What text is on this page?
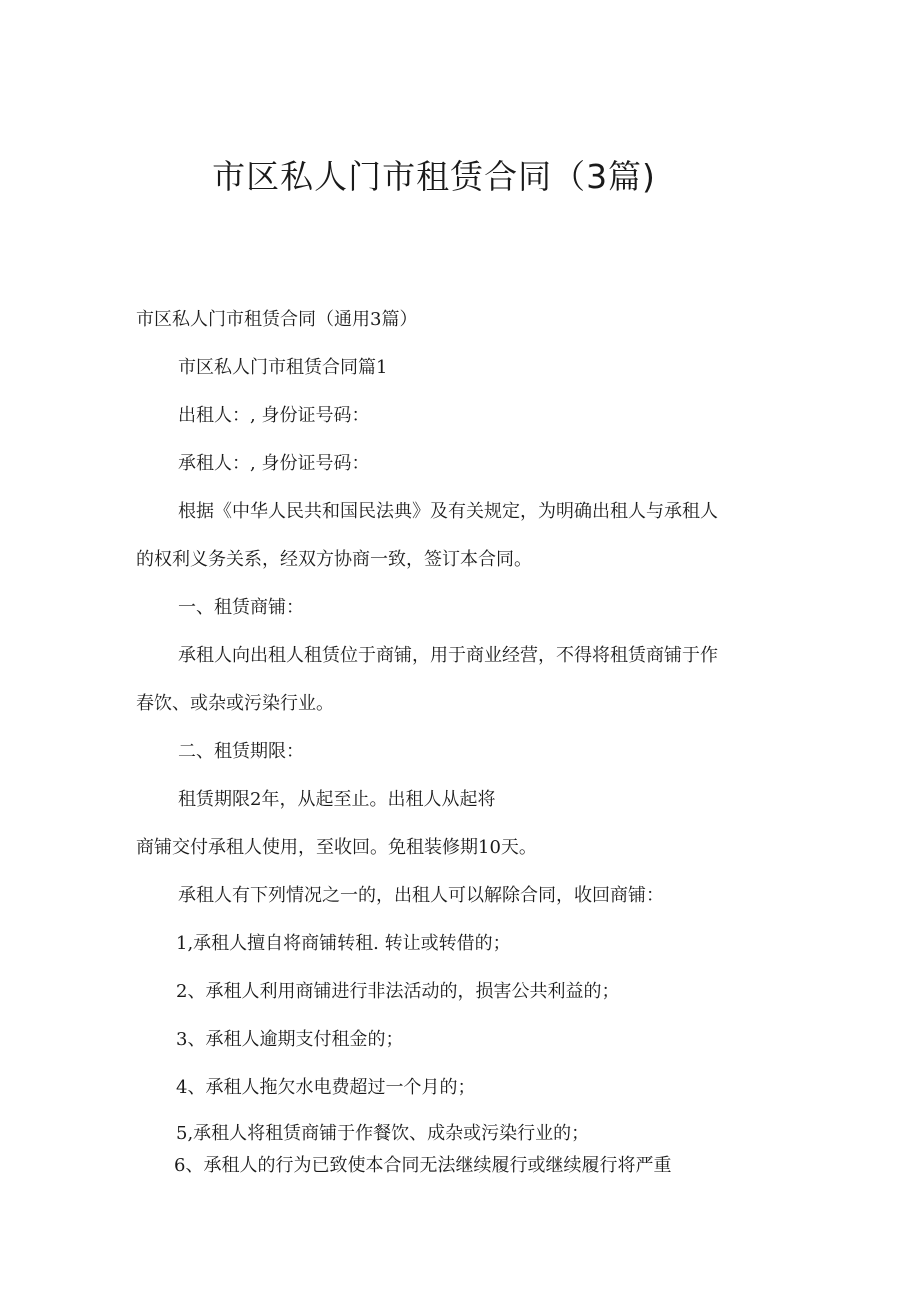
市区私人门市租赁合同（3篇)

市区私人门市租赁合同（通用3篇）

市区私人门市租赁合同篇1

出租人：, 身份证号码：

承租人：, 身份证号码：

根据《中华人民共和国民法典》及有关规定，为明确出租人与承租人

的权利义务关系，经双方协商一致，签订本合同。

一、租赁商铺：

承租人向出租人租赁位于商铺，用于商业经营，不得将租赁商铺于作

春饮、或杂或污染行业。

二、租赁期限：

租赁期限2年，从起至止。出租人从起将

商铺交付承租人使用，至收回。免租装修期10天。

承租人有下列情况之一的，出租人可以解除合同，收回商铺：

1,承租人擅自将商铺转租. 转让或转借的；

2、承租人利用商铺进行非法活动的，损害公共利益的；

3、承租人逾期支付租金的；

4、承租人拖欠水电费超过一个月的；

5,承租人将租赁商铺于作餐饮、成杂或污染行业的；

6、承租人的行为已致使本合同无法继续履行或继续履行将严重
